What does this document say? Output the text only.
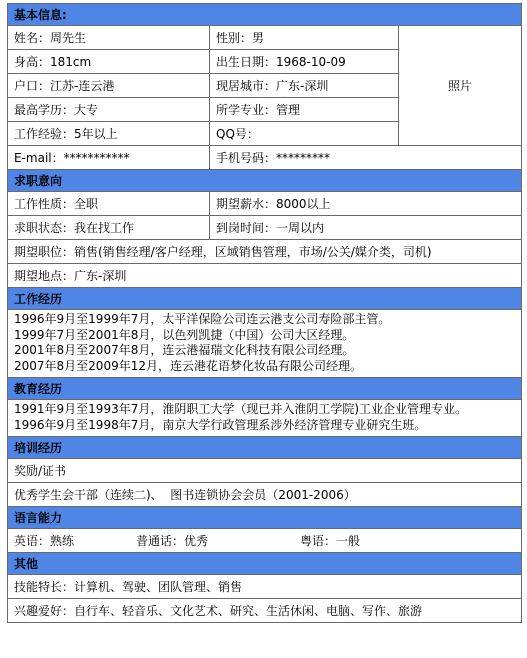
基本信息:		
姓名：周先生	性别：男	照片
身高：181cm	出生日期：1968-10-09	
户口：江苏-连云港	现居城市：广东-深圳	
最高学历：大专	所学专业：管理	
工作经验：5年以上	QQ号：	
E-mail：***********	手机号码：*********	
求职意向		
工作性质：全职	期望薪水：8000以上	
求职状态：我在找工作	到岗时间：一周以内	
期望职位：销售(销售经理/客户经理，区域销售管理，市场/公关/媒介类，司机)		
期望地点：广东-深圳		
工作经历		

1996年9月至1999年7月，太平洋保险公司连云港支公司寿险部主管。
1999年7月至2001年8月，以色列凯捷（中国）公司大区经理。
2001年8月至2007年8月，连云港福瑞文化科技有限公司经理。
2007年8月至2009年12月，连云港花语梦化妆品有限公司经理。		

教育经历		

1991年9月至1993年7月，淮阴职工大学（现已并入淮阴工学院)工业企业管理专业。
1996年9月至1998年7月，南京大学行政管理系涉外经济管理专业研究生班。		

培训经历		
奖励/证书		
优秀学生会干部（连续二)、  图书连锁协会会员（2001-2006）		
语言能力		
英语：熟练 普通话：优秀 粤语：一般		
其他		
技能特长：计算机、驾驶、团队管理、销售		
兴趣爱好：自行车、轻音乐、文化艺术、研究、生活休闲、电脑、写作、旅游		
